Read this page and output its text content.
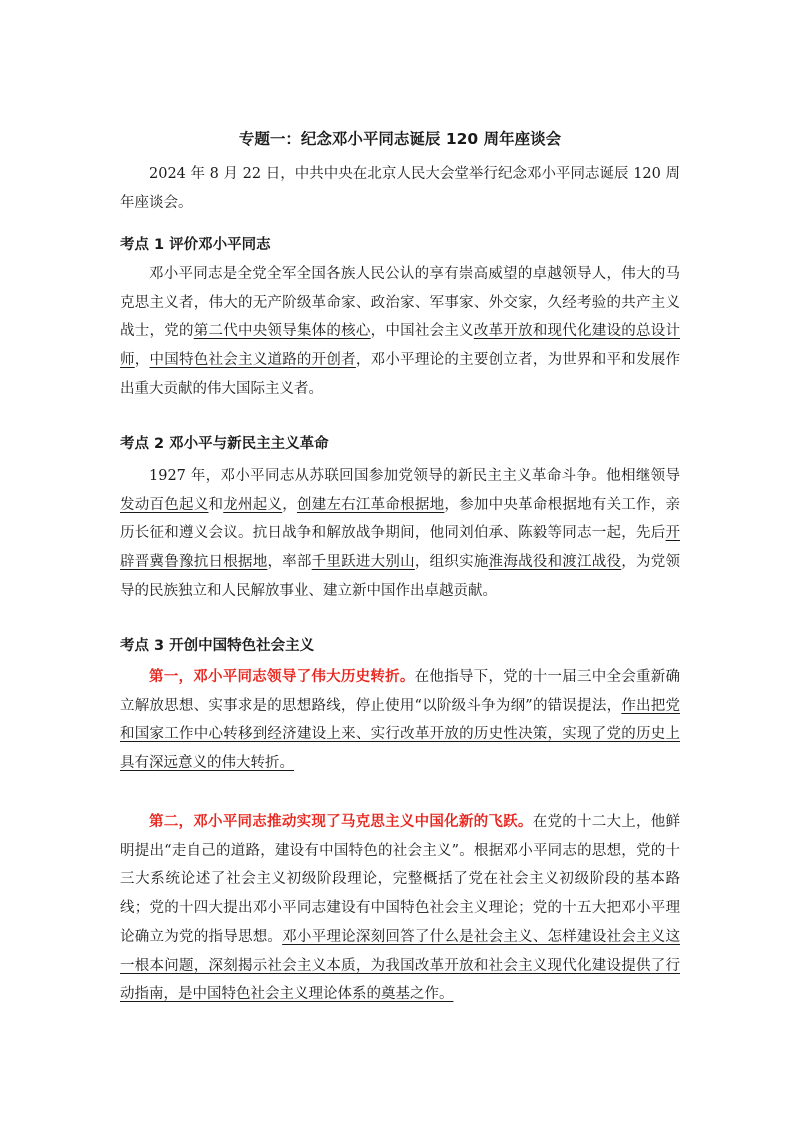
专题一：纪念邓小平同志诞辰 120 周年座谈会

2024 年 8 月 22 日，中共中央在北京人民大会堂举行纪念邓小平同志诞辰 120 周年座谈会。

考点 1 评价邓小平同志

邓小平同志是全党全军全国各族人民公认的享有崇高威望的卓越领导人，伟大的马克思主义者，伟大的无产阶级革命家、政治家、军事家、外交家，久经考验的共产主义战士，党的第二代中央领导集体的核心，中国社会主义改革开放和现代化建设的总设计师，中国特色社会主义道路的开创者，邓小平理论的主要创立者，为世界和平和发展作出重大贡献的伟大国际主义者。

考点 2 邓小平与新民主主义革命

1927 年，邓小平同志从苏联回国参加党领导的新民主主义革命斗争。他相继领导发动百色起义和龙州起义，创建左右江革命根据地，参加中央革命根据地有关工作，亲历长征和遵义会议。抗日战争和解放战争期间，他同刘伯承、陈毅等同志一起，先后开辟晋冀鲁豫抗日根据地，率部千里跃进大别山，组织实施淮海战役和渡江战役，为党领导的民族独立和人民解放事业、建立新中国作出卓越贡献。

考点 3 开创中国特色社会主义

第一，邓小平同志领导了伟大历史转折。在他指导下，党的十一届三中全会重新确立解放思想、实事求是的思想路线，停止使用“以阶级斗争为纲”的错误提法，作出把党和国家工作中心转移到经济建设上来、实行改革开放的历史性决策，实现了党的历史上具有深远意义的伟大转折。

第二，邓小平同志推动实现了马克思主义中国化新的飞跃。在党的十二大上，他鲜明提出“走自己的道路，建设有中国特色的社会主义”。根据邓小平同志的思想，党的十三大系统论述了社会主义初级阶段理论，完整概括了党在社会主义初级阶段的基本路线；党的十四大提出邓小平同志建设有中国特色社会主义理论；党的十五大把邓小平理论确立为党的指导思想。邓小平理论深刻回答了什么是社会主义、怎样建设社会主义这一根本问题，深刻揭示社会主义本质，为我国改革开放和社会主义现代化建设提供了行动指南，是中国特色社会主义理论体系的奠基之作。
